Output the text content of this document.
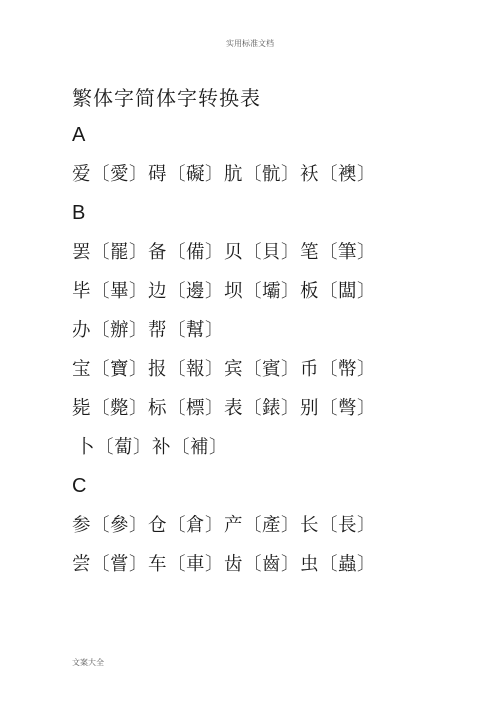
实用标准文档
繁体字简体字转换表
A
爱〔愛〕碍〔礙〕肮〔骯〕袄〔襖〕
B
罢〔罷〕备〔備〕贝〔貝〕笔〔筆〕
毕〔畢〕边〔邊〕坝〔壩〕板〔闆〕
办〔辦〕帮〔幫〕
宝〔寶〕报〔報〕宾〔賓〕币〔幣〕
毙〔斃〕标〔標〕表〔錶〕别〔彆〕
卜〔蔔〕补〔補〕
C
参〔參〕仓〔倉〕产〔產〕长〔長〕
尝〔嘗〕车〔車〕齿〔齒〕虫〔蟲〕
文案大全
